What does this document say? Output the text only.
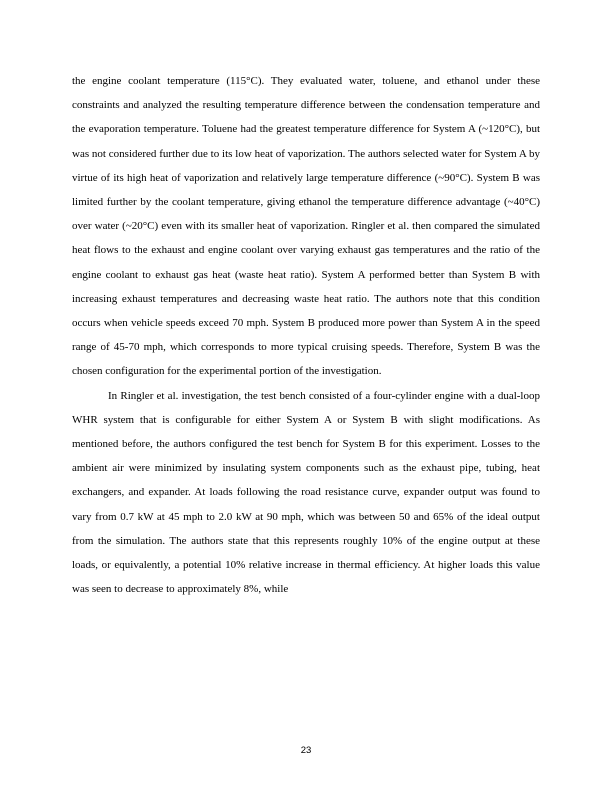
the engine coolant temperature (115°C). They evaluated water, toluene, and ethanol under these constraints and analyzed the resulting temperature difference between the condensation temperature and the evaporation temperature. Toluene had the greatest temperature difference for System A (~120°C), but was not considered further due to its low heat of vaporization. The authors selected water for System A by virtue of its high heat of vaporization and relatively large temperature difference (~90°C). System B was limited further by the coolant temperature, giving ethanol the temperature difference advantage (~40°C) over water (~20°C) even with its smaller heat of vaporization. Ringler et al. then compared the simulated heat flows to the exhaust and engine coolant over varying exhaust gas temperatures and the ratio of the engine coolant to exhaust gas heat (waste heat ratio). System A performed better than System B with increasing exhaust temperatures and decreasing waste heat ratio. The authors note that this condition occurs when vehicle speeds exceed 70 mph. System B produced more power than System A in the speed range of 45-70 mph, which corresponds to more typical cruising speeds. Therefore, System B was the chosen configuration for the experimental portion of the investigation.

In Ringler et al. investigation, the test bench consisted of a four-cylinder engine with a dual-loop WHR system that is configurable for either System A or System B with slight modifications. As mentioned before, the authors configured the test bench for System B for this experiment. Losses to the ambient air were minimized by insulating system components such as the exhaust pipe, tubing, heat exchangers, and expander. At loads following the road resistance curve, expander output was found to vary from 0.7 kW at 45 mph to 2.0 kW at 90 mph, which was between 50 and 65% of the ideal output from the simulation. The authors state that this represents roughly 10% of the engine output at these loads, or equivalently, a potential 10% relative increase in thermal efficiency. At higher loads this value was seen to decrease to approximately 8%, while

23
